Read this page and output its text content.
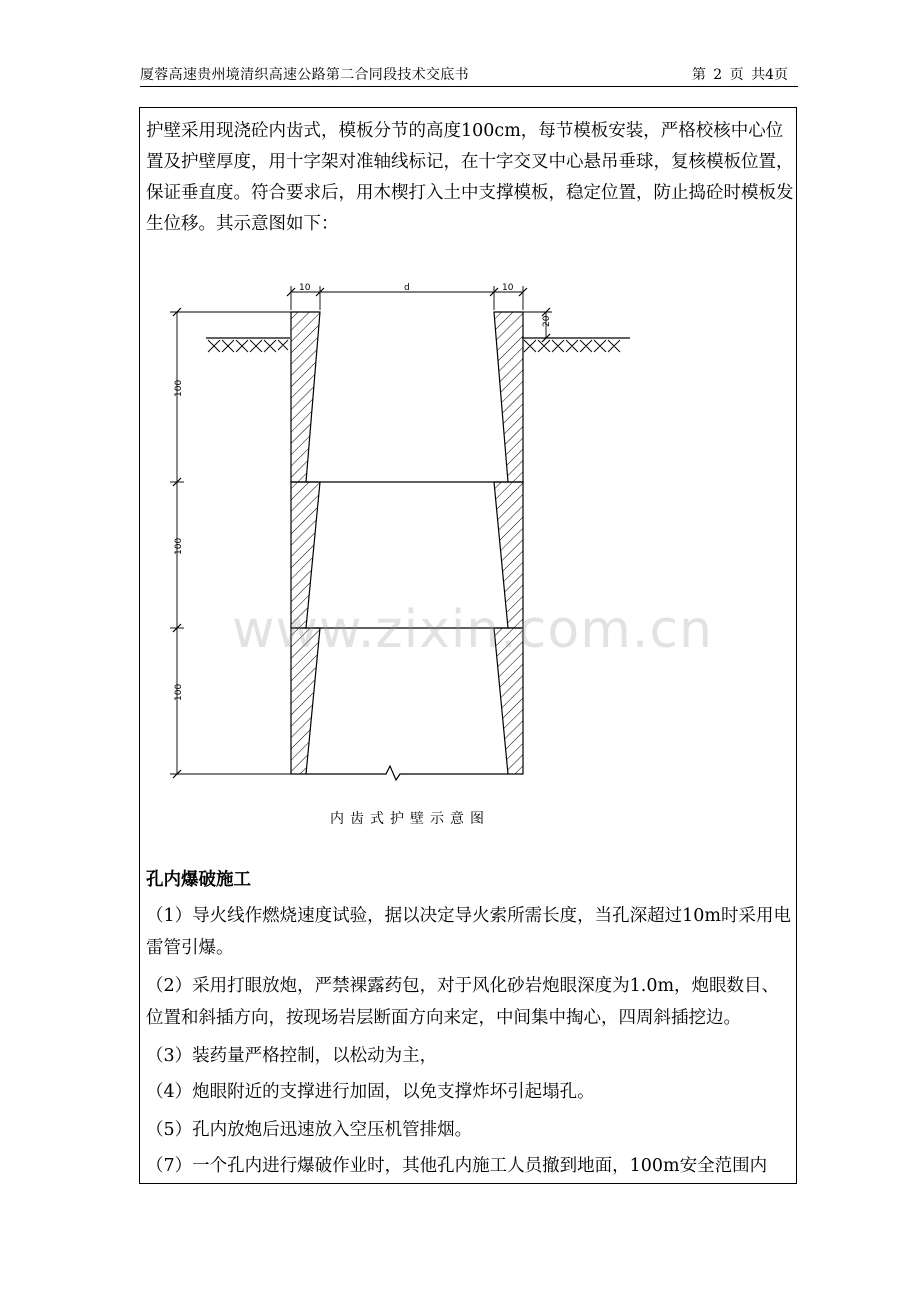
厦蓉高速贵州境清织高速公路第二合同段技术交底书	第 2 页 共4页
护壁采用现浇砼内齿式，模板分节的高度100cm，每节模板安装，严格校核中心位置及护壁厚度，用十字架对准轴线标记，在十字交叉中心悬吊垂球，复核模板位置，保证垂直度。符合要求后，用木楔打入土中支撑模板，稳定位置，防止捣砼时模板发生位移。其示意图如下：
10	d	10
20
100
100
100
内齿式护壁示意图
孔内爆破施工
（1）导火线作燃烧速度试验，据以决定导火索所需长度，当孔深超过10m时采用电雷管引爆。
（2）采用打眼放炮，严禁裸露药包，对于风化砂岩炮眼深度为1.0m，炮眼数目、位置和斜插方向，按现场岩层断面方向来定，中间集中掏心，四周斜插挖边。
（3）装药量严格控制，以松动为主，
（4）炮眼附近的支撑进行加固，以免支撑炸坏引起塌孔。
（5）孔内放炮后迅速放入空压机管排烟。
（7）一个孔内进行爆破作业时，其他孔内施工人员撤到地面，100m安全范围内
www.zixin.com.cn
